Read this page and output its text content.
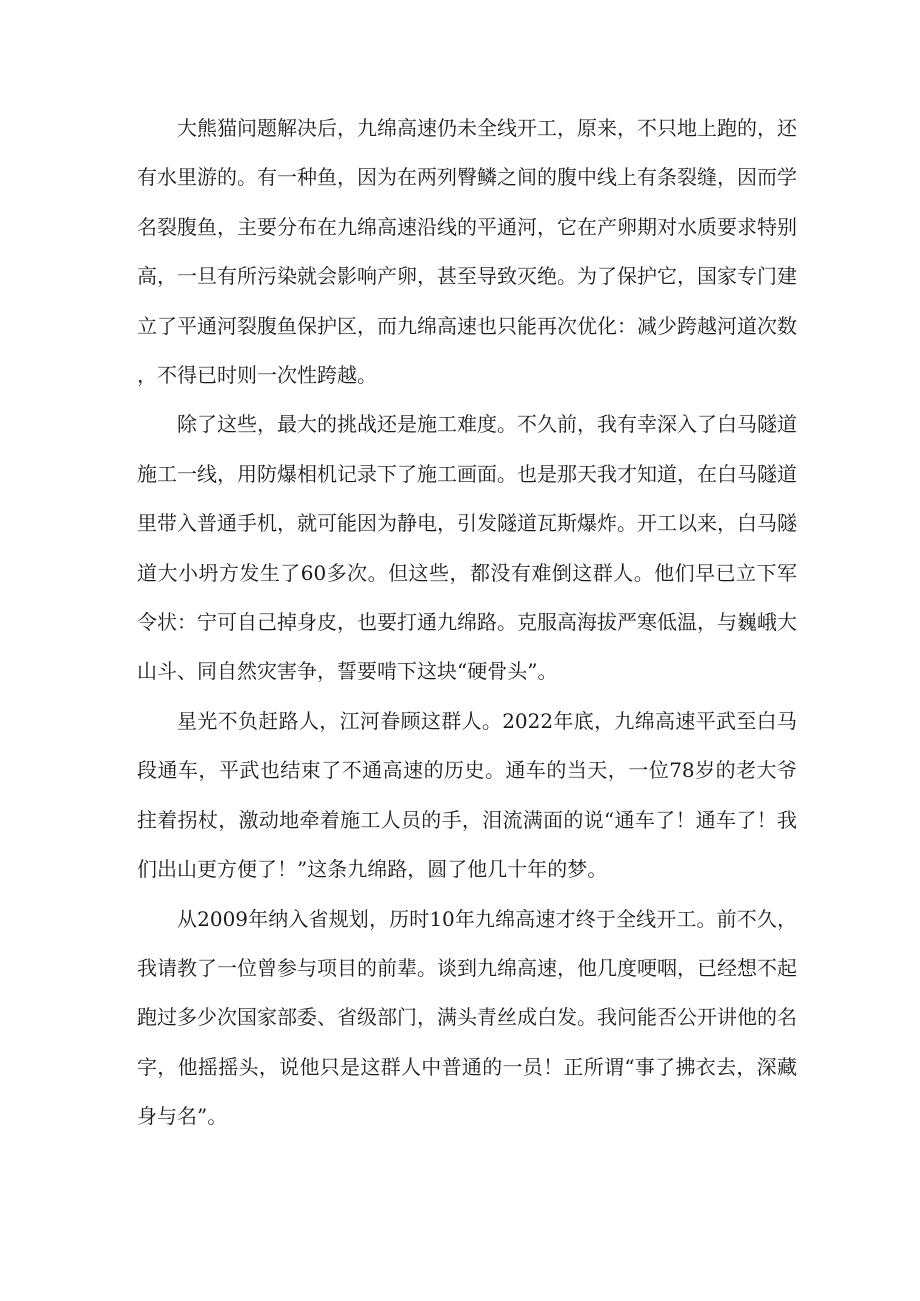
大熊猫问题解决后，九绵高速仍未全线开工，原来，不只地上跑的，还有水里游的。有一种鱼，因为在两列臀鳞之间的腹中线上有条裂缝，因而学名裂腹鱼，主要分布在九绵高速沿线的平通河，它在产卵期对水质要求特别高，一旦有所污染就会影响产卵，甚至导致灭绝。为了保护它，国家专门建立了平通河裂腹鱼保护区，而九绵高速也只能再次优化：减少跨越河道次数，不得已时则一次性跨越。

除了这些，最大的挑战还是施工难度。不久前，我有幸深入了白马隧道施工一线，用防爆相机记录下了施工画面。也是那天我才知道，在白马隧道里带入普通手机，就可能因为静电，引发隧道瓦斯爆炸。开工以来，白马隧道大小坍方发生了60多次。但这些，都没有难倒这群人。他们早已立下军令状：宁可自己掉身皮，也要打通九绵路。克服高海拔严寒低温，与巍峨大山斗、同自然灾害争，誓要啃下这块“硬骨头”。

星光不负赶路人，江河眷顾这群人。2022年底，九绵高速平武至白马段通车，平武也结束了不通高速的历史。通车的当天，一位78岁的老大爷拄着拐杖，激动地牵着施工人员的手，泪流满面的说“通车了！通车了！我们出山更方便了！”这条九绵路，圆了他几十年的梦。

从2009年纳入省规划，历时10年九绵高速才终于全线开工。前不久，我请教了一位曾参与项目的前辈。谈到九绵高速，他几度哽咽，已经想不起跑过多少次国家部委、省级部门，满头青丝成白发。我问能否公开讲他的名字，他摇摇头，说他只是这群人中普通的一员！正所谓“事了拂衣去，深藏身与名”。
